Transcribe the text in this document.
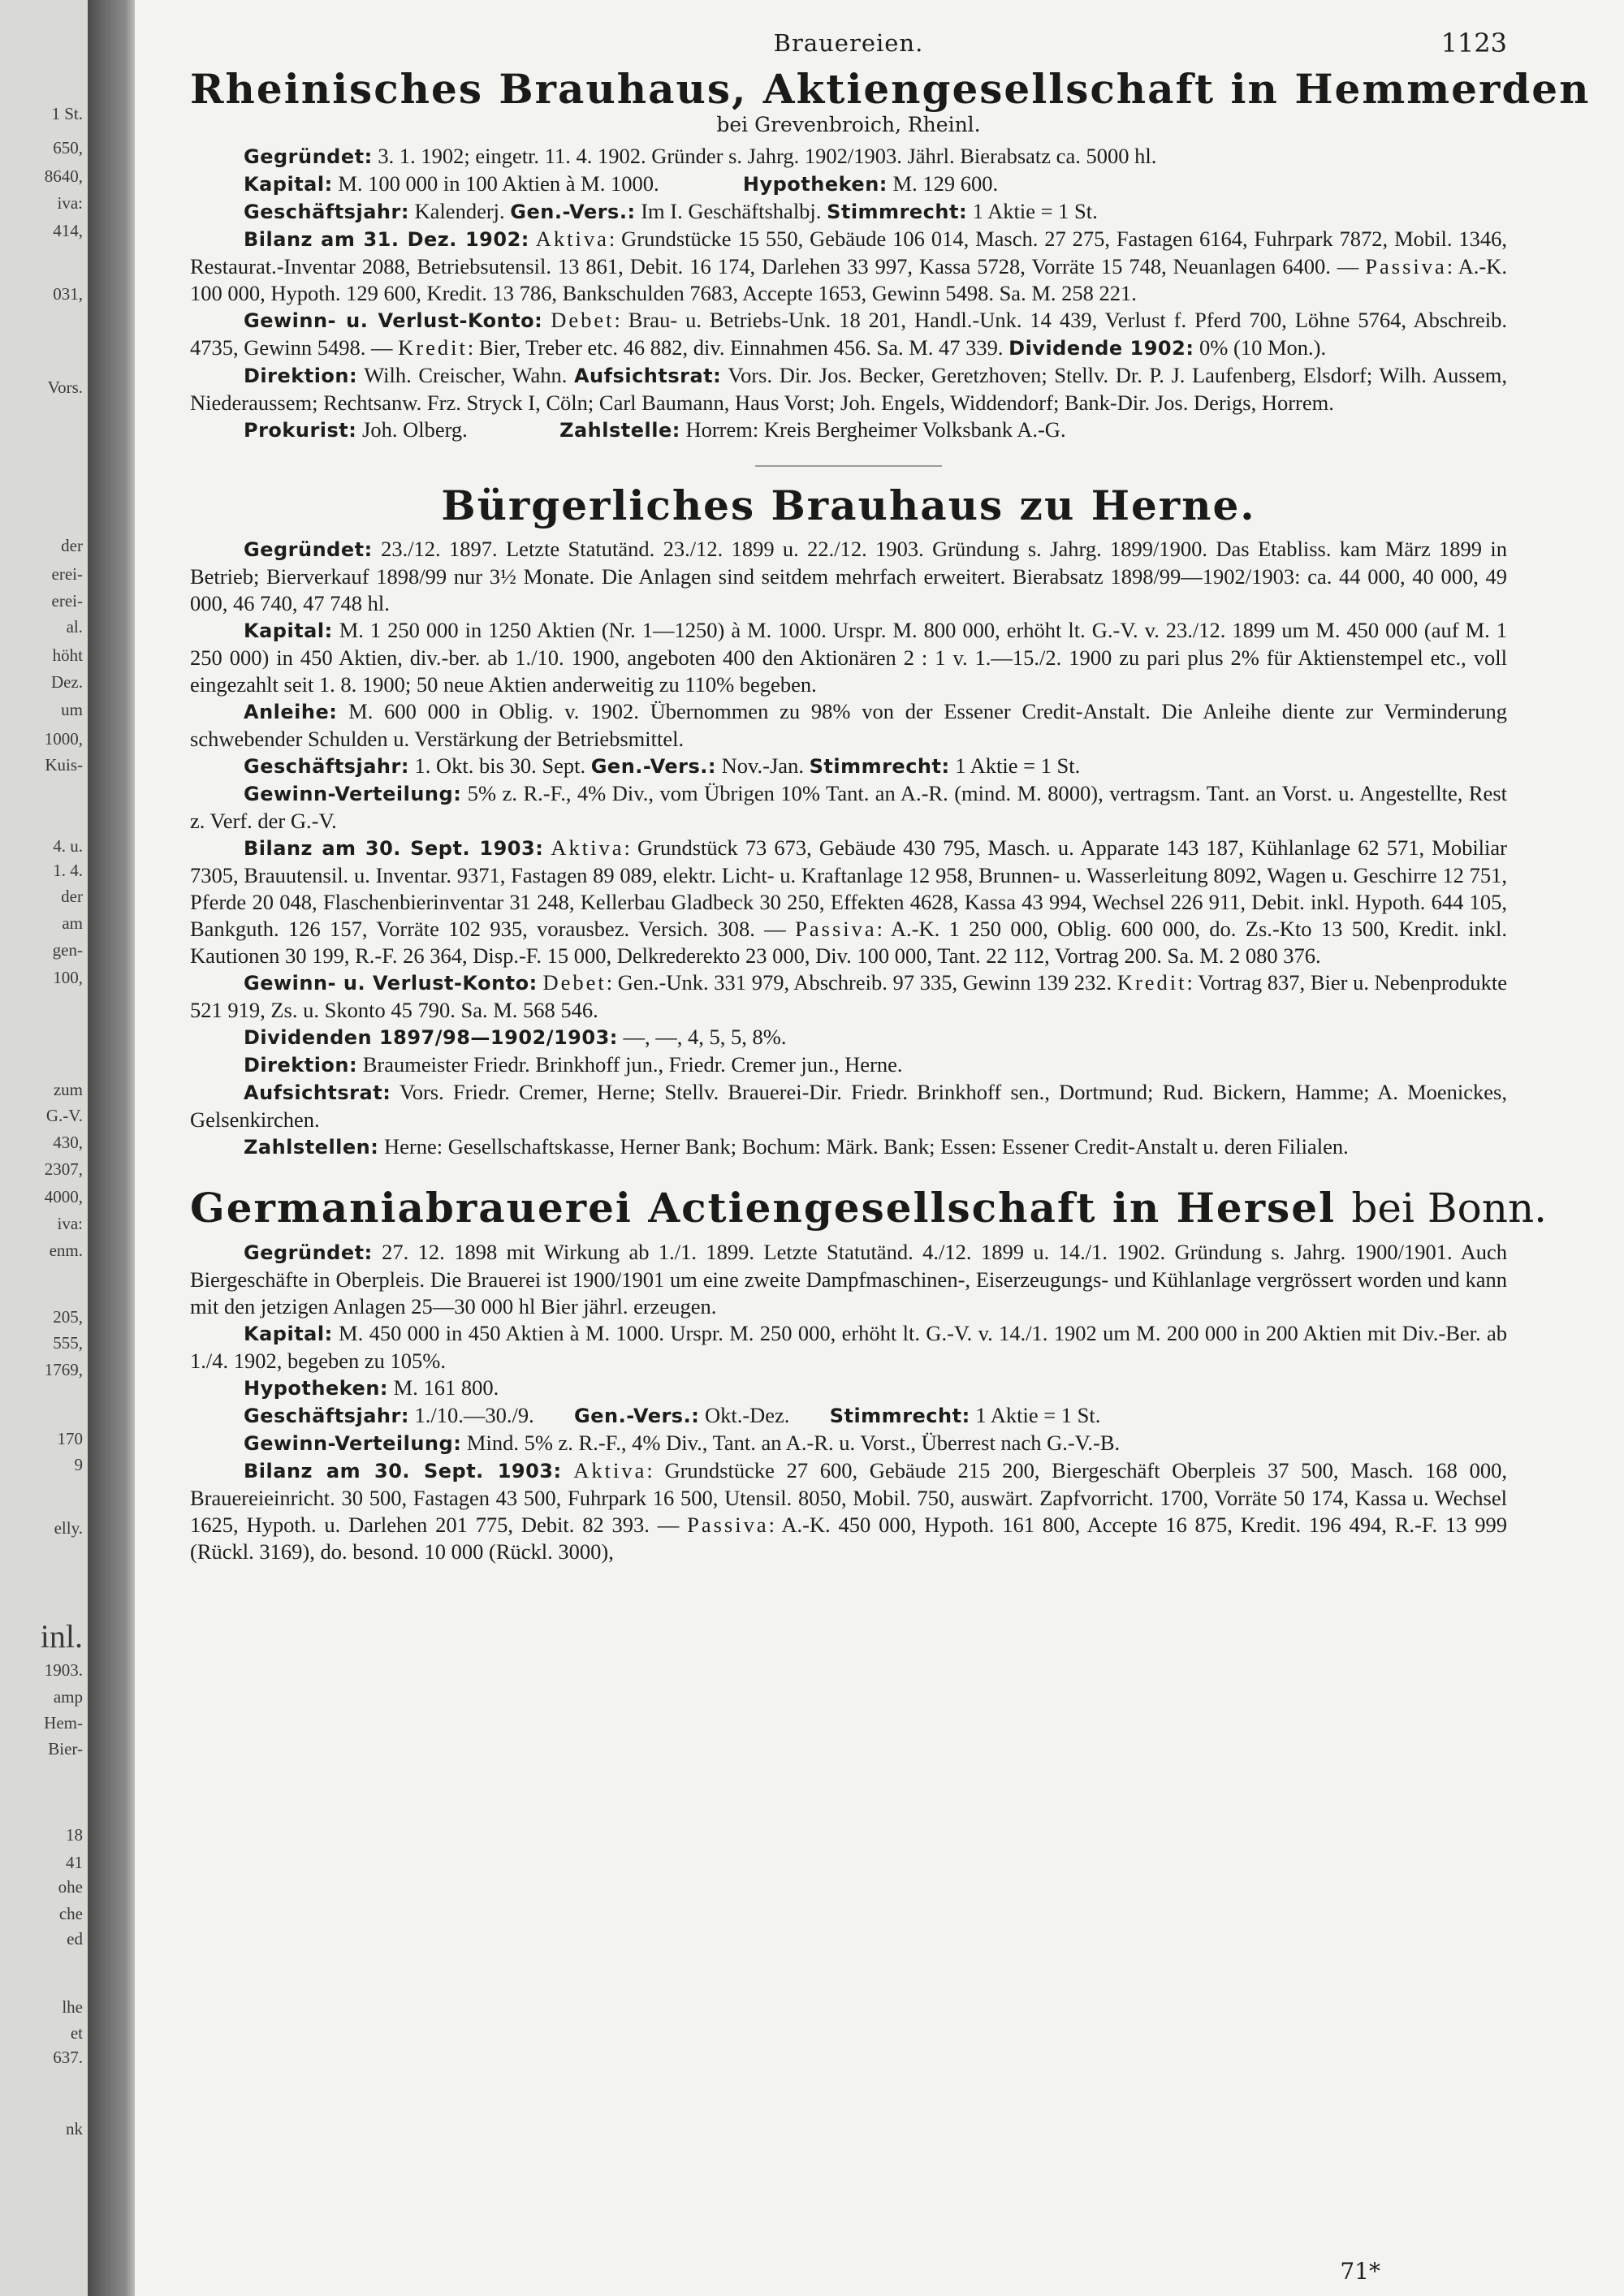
1 St.
650,
8640,
iva:
414,
031,
Vors.
der
erei-
erei-
al.
höht
Dez.
um
1000,
Kuis-
4. u.
1. 4.
der
am
gen-
100,
zum
G.-V.
430,
2307,
4000,
iva:
enm.
205,
555,
1769,
170
9
elly.
inl.
1903.
amp
Hem-
Bier-
18
41
ohe
che
ed
lhe
et
637.
nk
Brauereien.	1123
Rheinisches Brauhaus, Aktiengesellschaft in Hemmerden
bei Grevenbroich, Rheinl.

Gegründet: 3. 1. 1902; eingetr. 11. 4. 1902. Gründer s. Jahrg. 1902/1903. Jährl. Bierabsatz ca. 5000 hl.

Kapital: M. 100 000 in 100 Aktien à M. 1000.	Hypotheken: M. 129 600.

Geschäftsjahr: Kalenderj. Gen.-Vers.: Im I. Geschäftshalbj. Stimmrecht: 1 Aktie = 1 St.

Bilanz am 31. Dez. 1902: Aktiva: Grundstücke 15 550, Gebäude 106 014, Masch. 27 275, Fastagen 6164, Fuhrpark 7872, Mobil. 1346, Restaurat.-Inventar 2088, Betriebsutensil. 13 861, Debit. 16 174, Darlehen 33 997, Kassa 5728, Vorräte 15 748, Neuanlagen 6400. — Passiva: A.-K. 100 000, Hypoth. 129 600, Kredit. 13 786, Bankschulden 7683, Accepte 1653, Gewinn 5498. Sa. M. 258 221.

Gewinn- u. Verlust-Konto: Debet: Brau- u. Betriebs-Unk. 18 201, Handl.-Unk. 14 439, Verlust f. Pferd 700, Löhne 5764, Abschreib. 4735, Gewinn 5498. — Kredit: Bier, Treber etc. 46 882, div. Einnahmen 456. Sa. M. 47 339. Dividende 1902: 0% (10 Mon.).

Direktion: Wilh. Creischer, Wahn. Aufsichtsrat: Vors. Dir. Jos. Becker, Geretzhoven; Stellv. Dr. P. J. Laufenberg, Elsdorf; Wilh. Aussem, Niederaussem; Rechtsanw. Frz. Stryck I, Cöln; Carl Baumann, Haus Vorst; Joh. Engels, Widdendorf; Bank-Dir. Jos. Derigs, Horrem.

Prokurist: Joh. Olberg.	Zahlstelle: Horrem: Kreis Bergheimer Volksbank A.-G.

Bürgerliches Brauhaus zu Herne.

Gegründet: 23./12. 1897. Letzte Statutänd. 23./12. 1899 u. 22./12. 1903. Gründung s. Jahrg. 1899/1900. Das Etabliss. kam März 1899 in Betrieb; Bierverkauf 1898/99 nur 3½ Monate. Die Anlagen sind seitdem mehrfach erweitert. Bierabsatz 1898/99—1902/1903: ca. 44 000, 40 000, 49 000, 46 740, 47 748 hl.

Kapital: M. 1 250 000 in 1250 Aktien (Nr. 1—1250) à M. 1000. Urspr. M. 800 000, erhöht lt. G.-V. v. 23./12. 1899 um M. 450 000 (auf M. 1 250 000) in 450 Aktien, div.-ber. ab 1./10. 1900, angeboten 400 den Aktionären 2 : 1 v. 1.—15./2. 1900 zu pari plus 2% für Aktienstempel etc., voll eingezahlt seit 1. 8. 1900; 50 neue Aktien anderweitig zu 110% begeben.

Anleihe: M. 600 000 in Oblig. v. 1902. Übernommen zu 98% von der Essener Credit-Anstalt. Die Anleihe diente zur Verminderung schwebender Schulden u. Verstärkung der Betriebsmittel.

Geschäftsjahr: 1. Okt. bis 30. Sept. Gen.-Vers.: Nov.-Jan. Stimmrecht: 1 Aktie = 1 St.

Gewinn-Verteilung: 5% z. R.-F., 4% Div., vom Übrigen 10% Tant. an A.-R. (mind. M. 8000), vertragsm. Tant. an Vorst. u. Angestellte, Rest z. Verf. der G.-V.

Bilanz am 30. Sept. 1903: Aktiva: Grundstück 73 673, Gebäude 430 795, Masch. u. Apparate 143 187, Kühlanlage 62 571, Mobiliar 7305, Brauutensil. u. Inventar. 9371, Fastagen 89 089, elektr. Licht- u. Kraftanlage 12 958, Brunnen- u. Wasserleitung 8092, Wagen u. Geschirre 12 751, Pferde 20 048, Flaschenbierinventar 31 248, Kellerbau Gladbeck 30 250, Effekten 4628, Kassa 43 994, Wechsel 226 911, Debit. inkl. Hypoth. 644 105, Bankguth. 126 157, Vorräte 102 935, vorausbez. Versich. 308. — Passiva: A.-K. 1 250 000, Oblig. 600 000, do. Zs.-Kto 13 500, Kredit. inkl. Kautionen 30 199, R.-F. 26 364, Disp.-F. 15 000, Delkrederekto 23 000, Div. 100 000, Tant. 22 112, Vortrag 200. Sa. M. 2 080 376.

Gewinn- u. Verlust-Konto: Debet: Gen.-Unk. 331 979, Abschreib. 97 335, Gewinn 139 232. Kredit: Vortrag 837, Bier u. Nebenprodukte 521 919, Zs. u. Skonto 45 790. Sa. M. 568 546.

Dividenden 1897/98—1902/1903: —, —, 4, 5, 5, 8%.

Direktion: Braumeister Friedr. Brinkhoff jun., Friedr. Cremer jun., Herne.

Aufsichtsrat: Vors. Friedr. Cremer, Herne; Stellv. Brauerei-Dir. Friedr. Brinkhoff sen., Dortmund; Rud. Bickern, Hamme; A. Moenickes, Gelsenkirchen.

Zahlstellen: Herne: Gesellschaftskasse, Herner Bank; Bochum: Märk. Bank; Essen: Essener Credit-Anstalt u. deren Filialen.

Germaniabrauerei Actiengesellschaft in Hersel bei Bonn.

Gegründet: 27. 12. 1898 mit Wirkung ab 1./1. 1899. Letzte Statutänd. 4./12. 1899 u. 14./1. 1902. Gründung s. Jahrg. 1900/1901. Auch Biergeschäfte in Oberpleis. Die Brauerei ist 1900/1901 um eine zweite Dampfmaschinen-, Eiserzeugungs- und Kühlanlage vergrössert worden und kann mit den jetzigen Anlagen 25—30 000 hl Bier jährl. erzeugen.

Kapital: M. 450 000 in 450 Aktien à M. 1000. Urspr. M. 250 000, erhöht lt. G.-V. v. 14./1. 1902 um M. 200 000 in 200 Aktien mit Div.-Ber. ab 1./4. 1902, begeben zu 105%.

Hypotheken: M. 161 800.

Geschäftsjahr: 1./10.—30./9. Gen.-Vers.: Okt.-Dez. Stimmrecht: 1 Aktie = 1 St.

Gewinn-Verteilung: Mind. 5% z. R.-F., 4% Div., Tant. an A.-R. u. Vorst., Überrest nach G.-V.-B.

Bilanz am 30. Sept. 1903: Aktiva: Grundstücke 27 600, Gebäude 215 200, Biergeschäft Oberpleis 37 500, Masch. 168 000, Brauereieinricht. 30 500, Fastagen 43 500, Fuhrpark 16 500, Utensil. 8050, Mobil. 750, auswärt. Zapfvorricht. 1700, Vorräte 50 174, Kassa u. Wechsel 1625, Hypoth. u. Darlehen 201 775, Debit. 82 393. — Passiva: A.-K. 450 000, Hypoth. 161 800, Accepte 16 875, Kredit. 196 494, R.-F. 13 999 (Rückl. 3169), do. besond. 10 000 (Rückl. 3000),

71*
